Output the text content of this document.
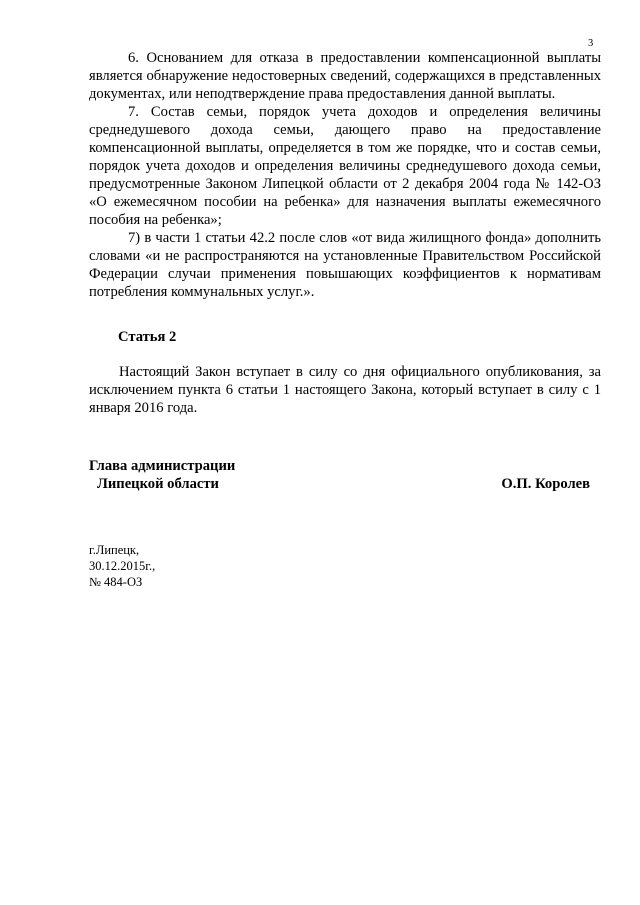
3

6. Основанием для отказа в предоставлении компенсационной выплаты является обнаружение недостоверных сведений, содержащихся в представленных документах, или неподтверждение права предоставления данной выплаты.

7. Состав семьи, порядок учета доходов и определения величины среднедушевого дохода семьи, дающего право на предоставление компенсационной выплаты, определяется в том же порядке, что и состав семьи, порядок учета доходов и определения величины среднедушевого дохода семьи, предусмотренные Законом Липецкой области от 2 декабря 2004 года № 142-ОЗ «О ежемесячном пособии на ребенка» для назначения выплаты ежемесячного пособия на ребенка»;

7) в части 1 статьи 42.2 после слов «от вида жилищного фонда» дополнить словами «и не распространяются на установленные Правительством Российской Федерации случаи применения повышающих коэффициентов к нормативам потребления коммунальных услуг.».

Статья 2

Настоящий Закон вступает в силу со дня официального опубликования, за исключением пункта 6 статьи 1 настоящего Закона, который вступает в силу с 1 января 2016 года.

Глава администрации

Липецкой области	О.П. Королев

г.Липецк,
30.12.2015г.,
№ 484-ОЗ
